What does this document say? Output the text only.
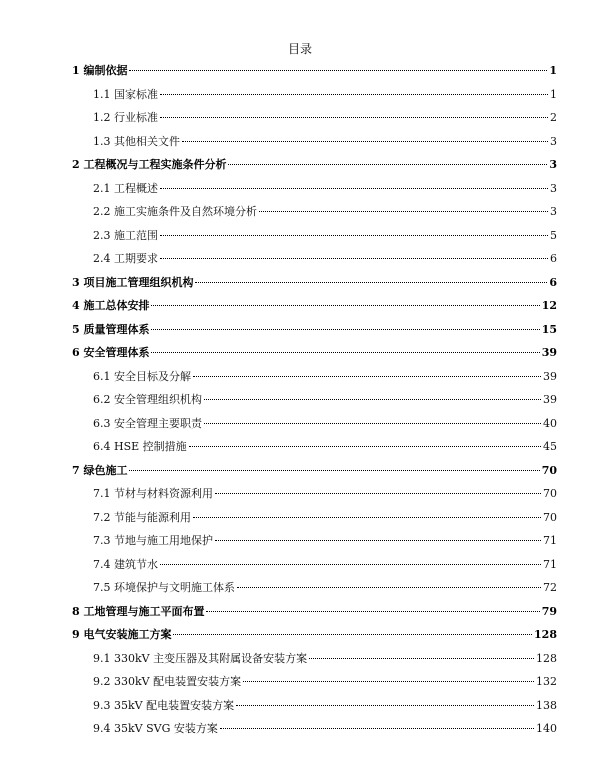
目录
1 编制依据	1
1.1 国家标准	1
1.2 行业标准	2
1.3 其他相关文件	3
2 工程概况与工程实施条件分析	3
2.1 工程概述	3
2.2 施工实施条件及自然环境分析	3
2.3 施工范围	5
2.4 工期要求	6
3 项目施工管理组织机构	6
4 施工总体安排	12
5 质量管理体系	15
6 安全管理体系	39
6.1 安全目标及分解	39
6.2 安全管理组织机构	39
6.3 安全管理主要职责	40
6.4 HSE 控制措施	45
7 绿色施工	70
7.1 节材与材料资源利用	70
7.2 节能与能源利用	70
7.3 节地与施工用地保护	71
7.4 建筑节水	71
7.5 环境保护与文明施工体系	72
8 工地管理与施工平面布置	79
9 电气安装施工方案	128
9.1 330kV 主变压器及其附属设备安装方案	128
9.2 330kV 配电装置安装方案	132
9.3 35kV 配电装置安装方案	138
9.4 35kV SVG 安装方案	140
